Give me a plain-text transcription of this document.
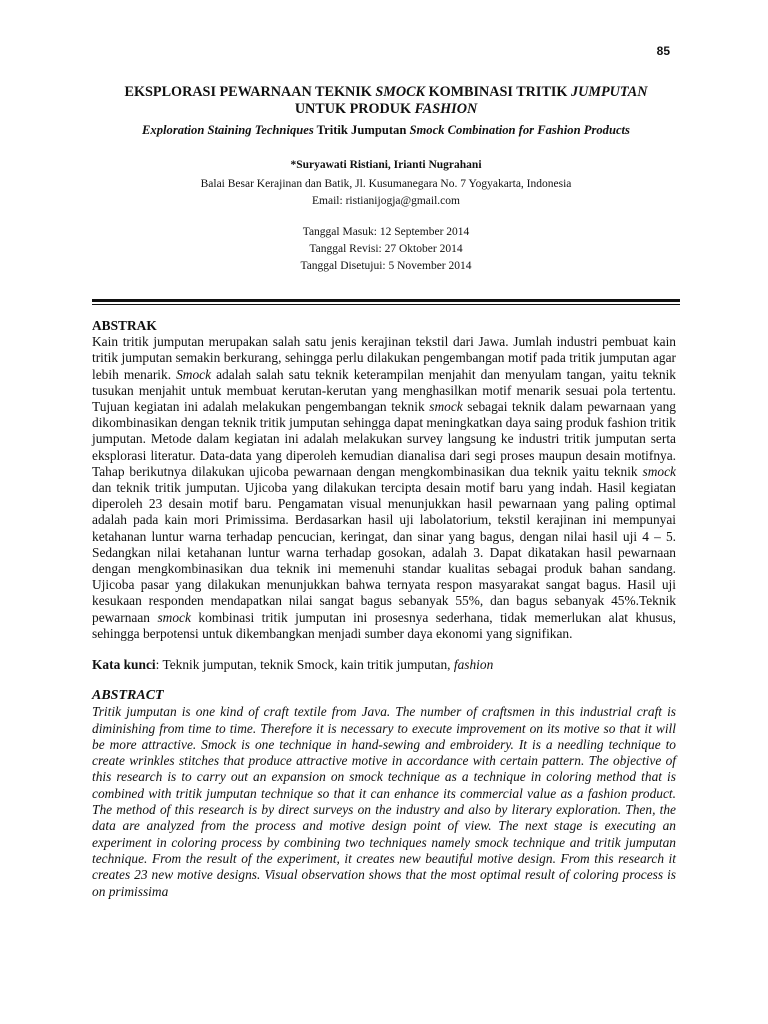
85

EKSPLORASI PEWARNAAN TEKNIK SMOCK KOMBINASI TRITIK JUMPUTAN
UNTUK PRODUK FASHION

Exploration Staining Techniques Tritik Jumputan Smock Combination for Fashion Products

*Suryawati Ristiani, Irianti Nugrahani
Balai Besar Kerajinan dan Batik, Jl. Kusumanegara No. 7 Yogyakarta, Indonesia
Email: ristianijogja@gmail.com
Tanggal Masuk: 12 September 2014
Tanggal Revisi: 27 Oktober 2014
Tanggal Disetujui: 5 November 2014

ABSTRAK

Kain tritik jumputan merupakan salah satu jenis kerajinan tekstil dari Jawa. Jumlah industri pembuat kain tritik jumputan semakin berkurang, sehingga perlu dilakukan pengembangan motif pada tritik jumputan agar lebih menarik. Smock adalah salah satu teknik keterampilan menjahit dan menyulam tangan, yaitu teknik tusukan menjahit untuk membuat kerutan-kerutan yang menghasilkan motif menarik sesuai pola tertentu. Tujuan kegiatan ini adalah melakukan pengembangan teknik smock sebagai teknik dalam pewarnaan yang dikombinasikan dengan teknik tritik jumputan sehingga dapat meningkatkan daya saing produk fashion tritik jumputan. Metode dalam kegiatan ini adalah melakukan survey langsung ke industri tritik jumputan serta eksplorasi literatur. Data-data yang diperoleh kemudian dianalisa dari segi proses maupun desain motifnya. Tahap berikutnya dilakukan ujicoba pewarnaan dengan mengkombinasikan dua teknik yaitu teknik smock dan teknik tritik jumputan. Ujicoba yang dilakukan tercipta desain motif baru yang indah. Hasil kegiatan diperoleh 23 desain motif baru. Pengamatan visual menunjukkan hasil pewarnaan yang paling optimal adalah pada kain mori Primissima. Berdasarkan hasil uji labolatorium, tekstil kerajinan ini mempunyai ketahanan luntur warna terhadap pencucian, keringat, dan sinar yang bagus, dengan nilai hasil uji 4 – 5. Sedangkan nilai ketahanan luntur warna terhadap gosokan, adalah 3. Dapat dikatakan hasil pewarnaan dengan mengkombinasikan dua teknik ini memenuhi standar kualitas sebagai produk bahan sandang. Ujicoba pasar yang dilakukan menunjukkan bahwa ternyata respon masyarakat sangat bagus. Hasil uji kesukaan responden mendapatkan nilai sangat bagus sebanyak 55%, dan bagus sebanyak 45%.Teknik pewarnaan smock kombinasi tritik jumputan ini prosesnya sederhana, tidak memerlukan alat khusus, sehingga berpotensi untuk dikembangkan menjadi sumber daya ekonomi yang signifikan.

Kata kunci: Teknik jumputan, teknik Smock, kain tritik jumputan, fashion

ABSTRACT

Tritik jumputan is one kind of craft textile from Java. The number of craftsmen in this industrial craft is diminishing from time to time. Therefore it is necessary to execute improvement on its motive so that it will be more attractive. Smock is one technique in hand-sewing and embroidery. It is a needling technique to create wrinkles stitches that produce attractive motive in accordance with certain pattern. The objective of this research is to carry out an expansion on smock technique as a technique in coloring method that is combined with tritik jumputan technique so that it can enhance its commercial value as a fashion product. The method of this research is by direct surveys on the industry and also by literary exploration. Then, the data are analyzed from the process and motive design point of view. The next stage is executing an experiment in coloring process by combining two techniques namely smock technique and tritik jumputan technique. From the result of the experiment, it creates new beautiful motive design. From this research it creates 23 new motive designs. Visual observation shows that the most optimal result of coloring process is on primissima
